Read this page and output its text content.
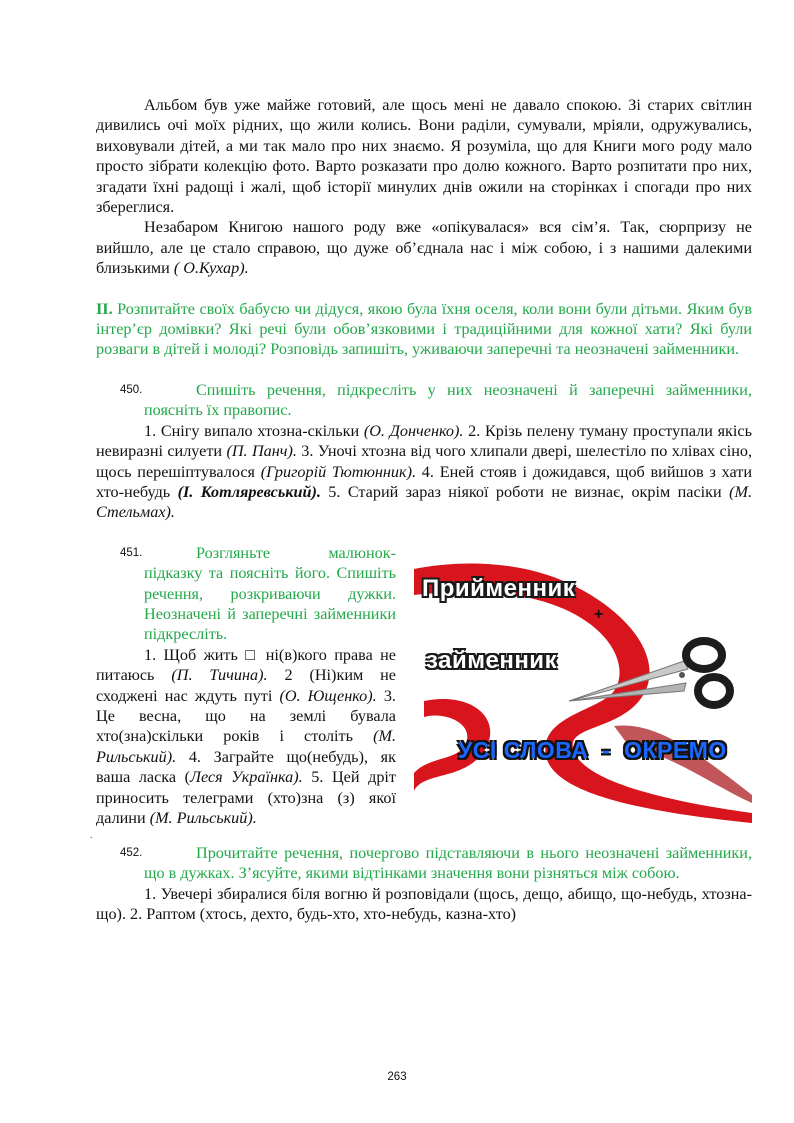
Альбом був уже майже готовий, але щось мені не давало спокою. Зі старих світлин дивились очі моїх рідних, що жили колись. Вони раділи, сумували, мріяли, одружувались, виховували дітей, а ми так мало про них знаємо. Я розуміла, що для Книги мого роду мало просто зібрати колекцію фото. Варто розказати про долю кожного. Варто розпитати про них, згадати їхні радощі і жалі, щоб історії минулих днів ожили на сторінках і спогади про них збереглися.

Незабаром Книгою нашого роду вже «опікувалася» вся сім’я. Так, сюрпризу не вийшло, але це стало справою, що дуже об’єднала нас і між собою, і з нашими далекими близькими ( О.Кухар).

ІІ. Розпитайте своїх бабусю чи дідуся, якою була їхня оселя, коли вони були дітьми. Яким був інтер’єр домівки? Які речі були обов’язковими і традиційними для кожної хати? Які були розваги в дітей і молоді? Розповідь запишіть, уживаючи заперечні та неозначені займенники.

450.	Спишіть речення, підкресліть у них неозначені й заперечні займенники, поясніть їх правопис.

1. Снігу випало хтозна-скільки (О. Донченко). 2. Крізь пелену туману проступали якісь невиразні силуети (П. Панч). 3. Уночі хтозна від чого хлипали двері, шелестіло по хлівах сіно, щось перешіптувалося (Григорій Тютюнник). 4. Еней стояв і дожидався, щоб вийшов з хати хто-небудь (І. Котляревський). 5. Старий зараз ніякої роботи не визнає, окрім пасіки (М. Стельмах).

Прийменник
+
займенник
УСІ СЛОВА  -  ОКРЕМО

451.	Розгляньте малюнок-підказку та поясніть його. Спишіть речення, розкриваючи дужки. Неозначені й заперечні займенники підкресліть.

1. Щоб жить □ ні(в)кого права не питаюсь (П. Тичина). 2 (Ні)ким не сходжені нас ждуть путі (О. Ющенко). 3. Це весна, що на землі бувала хто(зна)скільки років і століть (М. Рильський). 4. Заграйте що(небудь), як ваша ласка (Леся Українка). 5. Цей дріт приносить телеграми (хто)зна (з) якої далини (М. Рильський).

.

452.	Прочитайте речення, почергово підставляючи в нього неозначені займенники, що в дужках. З’ясуйте, якими відтінками значення вони різняться між собою.

1. Увечері збиралися біля вогню й розповідали (щось, дещо, абищо, що-небудь, хтозна-що). 2. Раптом (хтось, дехто, будь-хто, хто-небудь, казна-хто)

263
